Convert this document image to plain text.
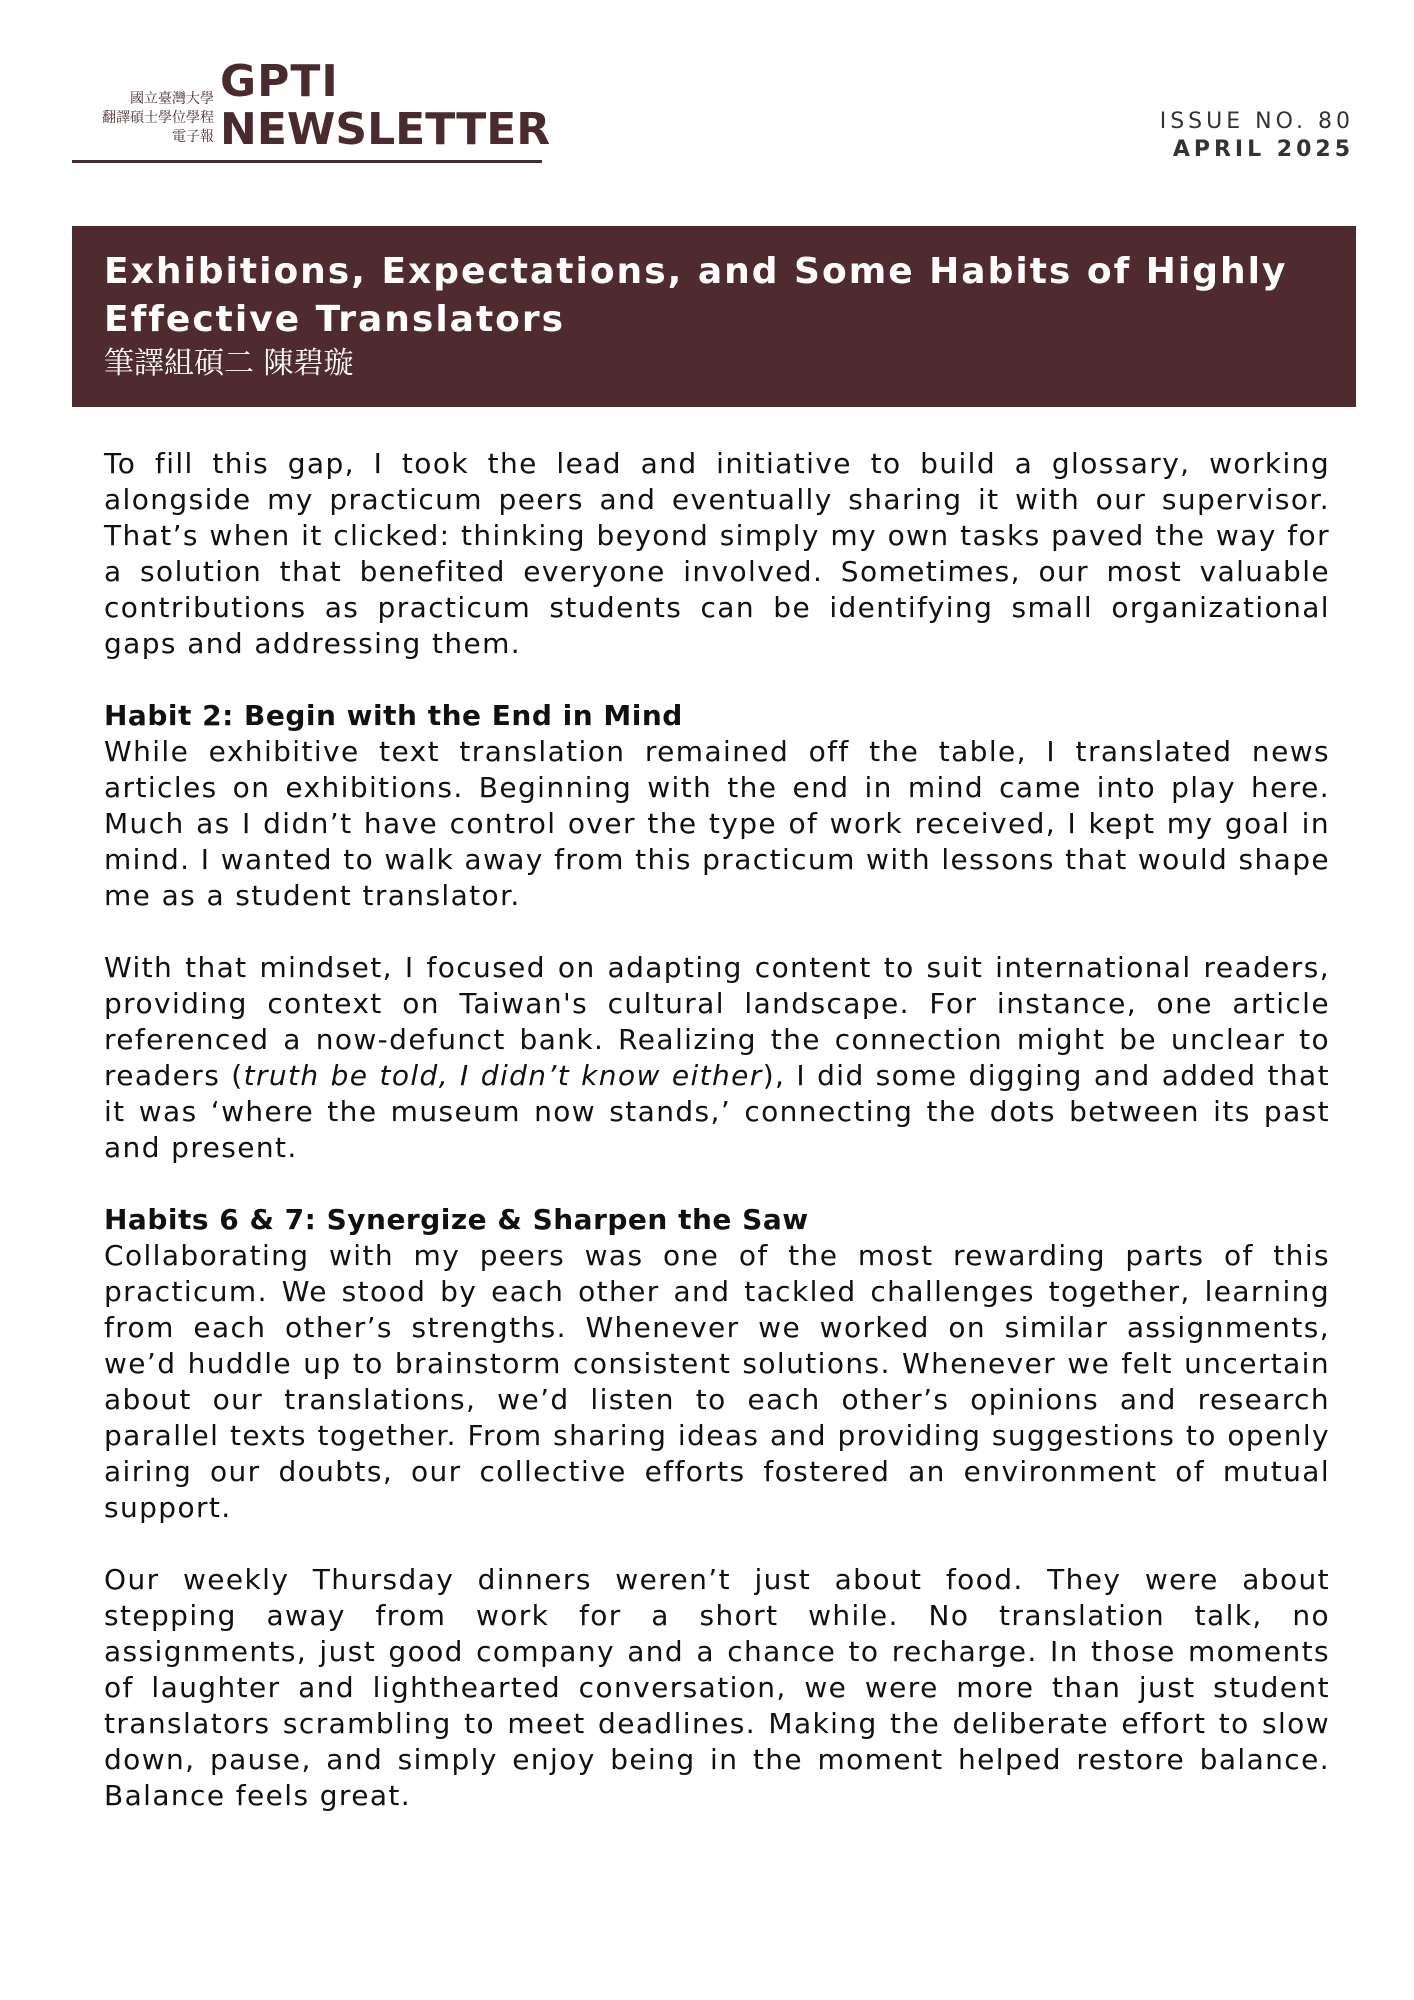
國立臺灣大學
翻譯碩士學位學程
電子報
GPTI
NEWSLETTER	ISSUE NO. 80
APRIL 2025
Exhibitions, Expectations, and Some Habits of Highly Effective Translators
筆譯組碩二 陳碧璇

To fill this gap, I took the lead and initiative to build a glossary, working alongside my practicum peers and eventually sharing it with our supervisor. That’s when it clicked: thinking beyond simply my own tasks paved the way for a solution that benefited everyone involved. Sometimes, our most valuable contributions as practicum students can be identifying small organizational gaps and addressing them.

Habit 2: Begin with the End in Mind

While exhibitive text translation remained off the table, I translated news articles on exhibitions. Beginning with the end in mind came into play here. Much as I didn’t have control over the type of work received, I kept my goal in mind. I wanted to walk away from this practicum with lessons that would shape me as a student translator.

With that mindset, I focused on adapting content to suit international readers, providing context on Taiwan's cultural landscape. For instance, one article referenced a now-defunct bank. Realizing the connection might be unclear to readers (truth be told, I didn’t know either), I did some digging and added that it was ‘where the museum now stands,’ connecting the dots between its past and present.

Habits 6 & 7: Synergize & Sharpen the Saw

Collaborating with my peers was one of the most rewarding parts of this practicum. We stood by each other and tackled challenges together, learning from each other’s strengths. Whenever we worked on similar assignments, we’d huddle up to brainstorm consistent solutions. Whenever we felt uncertain about our translations, we’d listen to each other’s opinions and research parallel texts together. From sharing ideas and providing suggestions to openly airing our doubts, our collective efforts fostered an environment of mutual support.

Our weekly Thursday dinners weren’t just about food. They were about stepping away from work for a short while. No translation talk, no assignments, just good company and a chance to recharge. In those moments of laughter and lighthearted conversation, we were more than just student translators scrambling to meet deadlines. Making the deliberate effort to slow down, pause, and simply enjoy being in the moment helped restore balance. Balance feels great.
